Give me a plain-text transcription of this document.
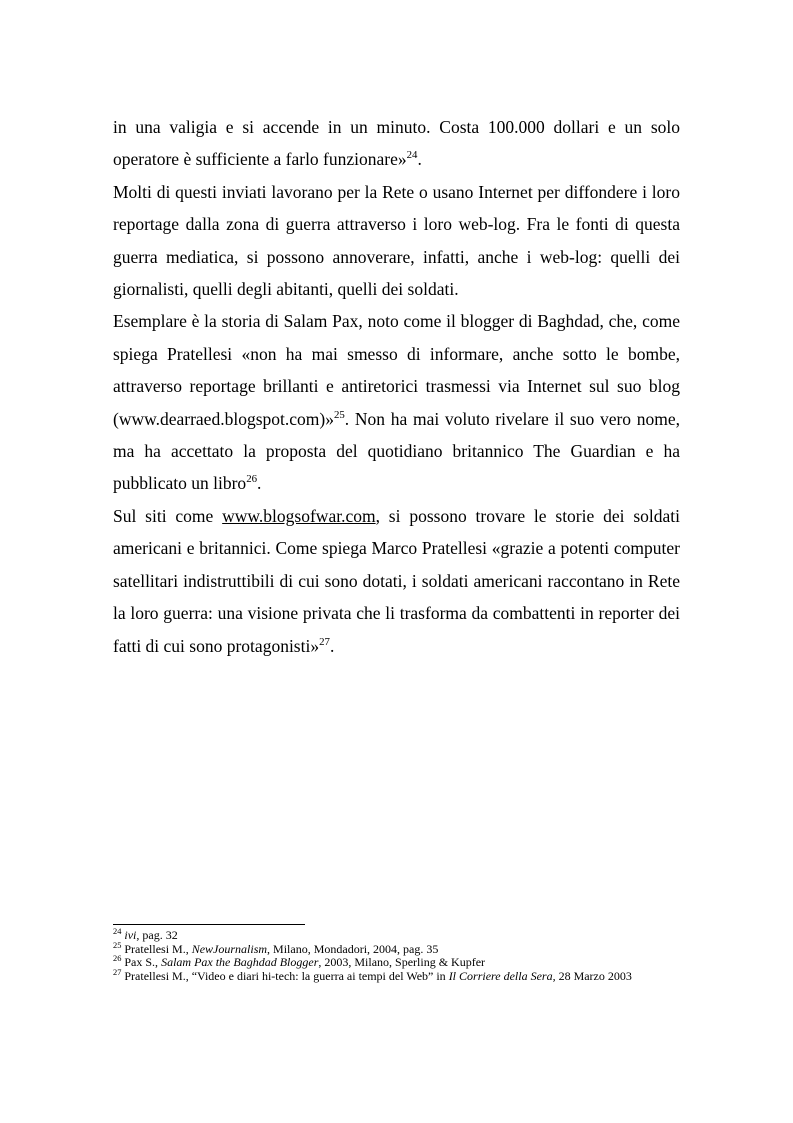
in una valigia e si accende in un minuto. Costa 100.000 dollari e un solo operatore è sufficiente a farlo funzionare»$^{24}$.

Molti di questi inviati lavorano per la Rete o usano Internet per diffondere i loro reportage dalla zona di guerra attraverso i loro web-log. Fra le fonti di questa guerra mediatica, si possono annoverare, infatti, anche i web-log: quelli dei giornalisti, quelli degli abitanti, quelli dei soldati.

Esemplare è la storia di Salam Pax, noto come il blogger di Baghdad, che, come spiega Pratellesi «non ha mai smesso di informare, anche sotto le bombe, attraverso reportage brillanti e antiretorici trasmessi via Internet sul suo blog (www.dearraed.blogspot.com)»$^{25}$. Non ha mai voluto rivelare il suo vero nome, ma ha accettato la proposta del quotidiano britannico The Guardian e ha pubblicato un libro$^{26}$.

Sul siti come www.blogsofwar.com, si possono trovare le storie dei soldati americani e britannici. Come spiega Marco Pratellesi «grazie a potenti computer satellitari indistruttibili di cui sono dotati, i soldati americani raccontano in Rete la loro guerra: una visione privata che li trasforma da combattenti in reporter dei fatti di cui sono protagonisti»$^{27}$.

$^{24}$ ivi, pag. 32

$^{25}$ Pratellesi M., NewJournalism, Milano, Mondadori, 2004, pag. 35

$^{26}$ Pax S., Salam Pax the Baghdad Blogger, 2003, Milano, Sperling & Kupfer

$^{27}$ Pratellesi M., “Video e diari hi-tech: la guerra ai tempi del Web” in Il Corriere della Sera, 28 Marzo 2003
